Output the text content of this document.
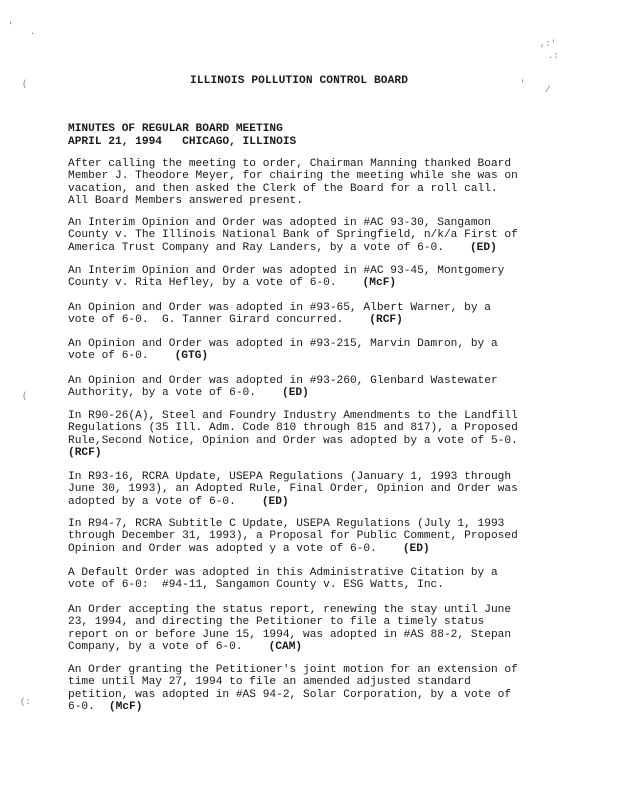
'
.
(
(
(:
,:'
.:
'
/
ILLINOIS POLLUTION CONTROL BOARD
MINUTES OF REGULAR BOARD MEETING
APRIL 21, 1994   CHICAGO, ILLINOIS
After calling the meeting to order, Chairman Manning thanked Board
Member J. Theodore Meyer, for chairing the meeting while she was on
vacation, and then asked the Clerk of the Board for a roll call.
All Board Members answered present.
An Interim Opinion and Order was adopted in #AC 93-30, Sangamon
County v. The Illinois National Bank of Springfield, n/k/a First of
America Trust Company and Ray Landers, by a vote of 6-0. (ED)
An Interim Opinion and Order was adopted in #AC 93-45, Montgomery
County v. Rita Hefley, by a vote of 6-0. (McF)
An Opinion and Order was adopted in #93-65, Albert Warner, by a
vote of 6-0.  G. Tanner Girard concurred. (RCF)
An Opinion and Order was adopted in #93-215, Marvin Damron, by a
vote of 6-0. (GTG)
An Opinion and Order was adopted in #93-260, Glenbard Wastewater
Authority, by a vote of 6-0. (ED)
In R90-26(A), Steel and Foundry Industry Amendments to the Landfill
Regulations (35 Ill. Adm. Code 810 through 815 and 817), a Proposed
Rule,Second Notice, Opinion and Order was adopted by a vote of 5-0.
(RCF)
In R93-16, RCRA Update, USEPA Regulations (January 1, 1993 through
June 30, 1993), an Adopted Rule, Final Order, Opinion and Order was
adopted by a vote of 6-0. (ED)
In R94-7, RCRA Subtitle C Update, USEPA Regulations (July 1, 1993
through December 31, 1993), a Proposal for Public Comment, Proposed
Opinion and Order was adopted y a vote of 6-0. (ED)
A Default Order was adopted in this Administrative Citation by a
vote of 6-0:  #94-11, Sangamon County v. ESG Watts, Inc.
An Order accepting the status report, renewing the stay until June
23, 1994, and directing the Petitioner to file a timely status
report on or before June 15, 1994, was adopted in #AS 88-2, Stepan
Company, by a vote of 6-0. (CAM)
An Order granting the Petitioner's joint motion for an extension of
time until May 27, 1994 to file an amended adjusted standard
petition, was adopted in #AS 94-2, Solar Corporation, by a vote of
6-0. (McF)
